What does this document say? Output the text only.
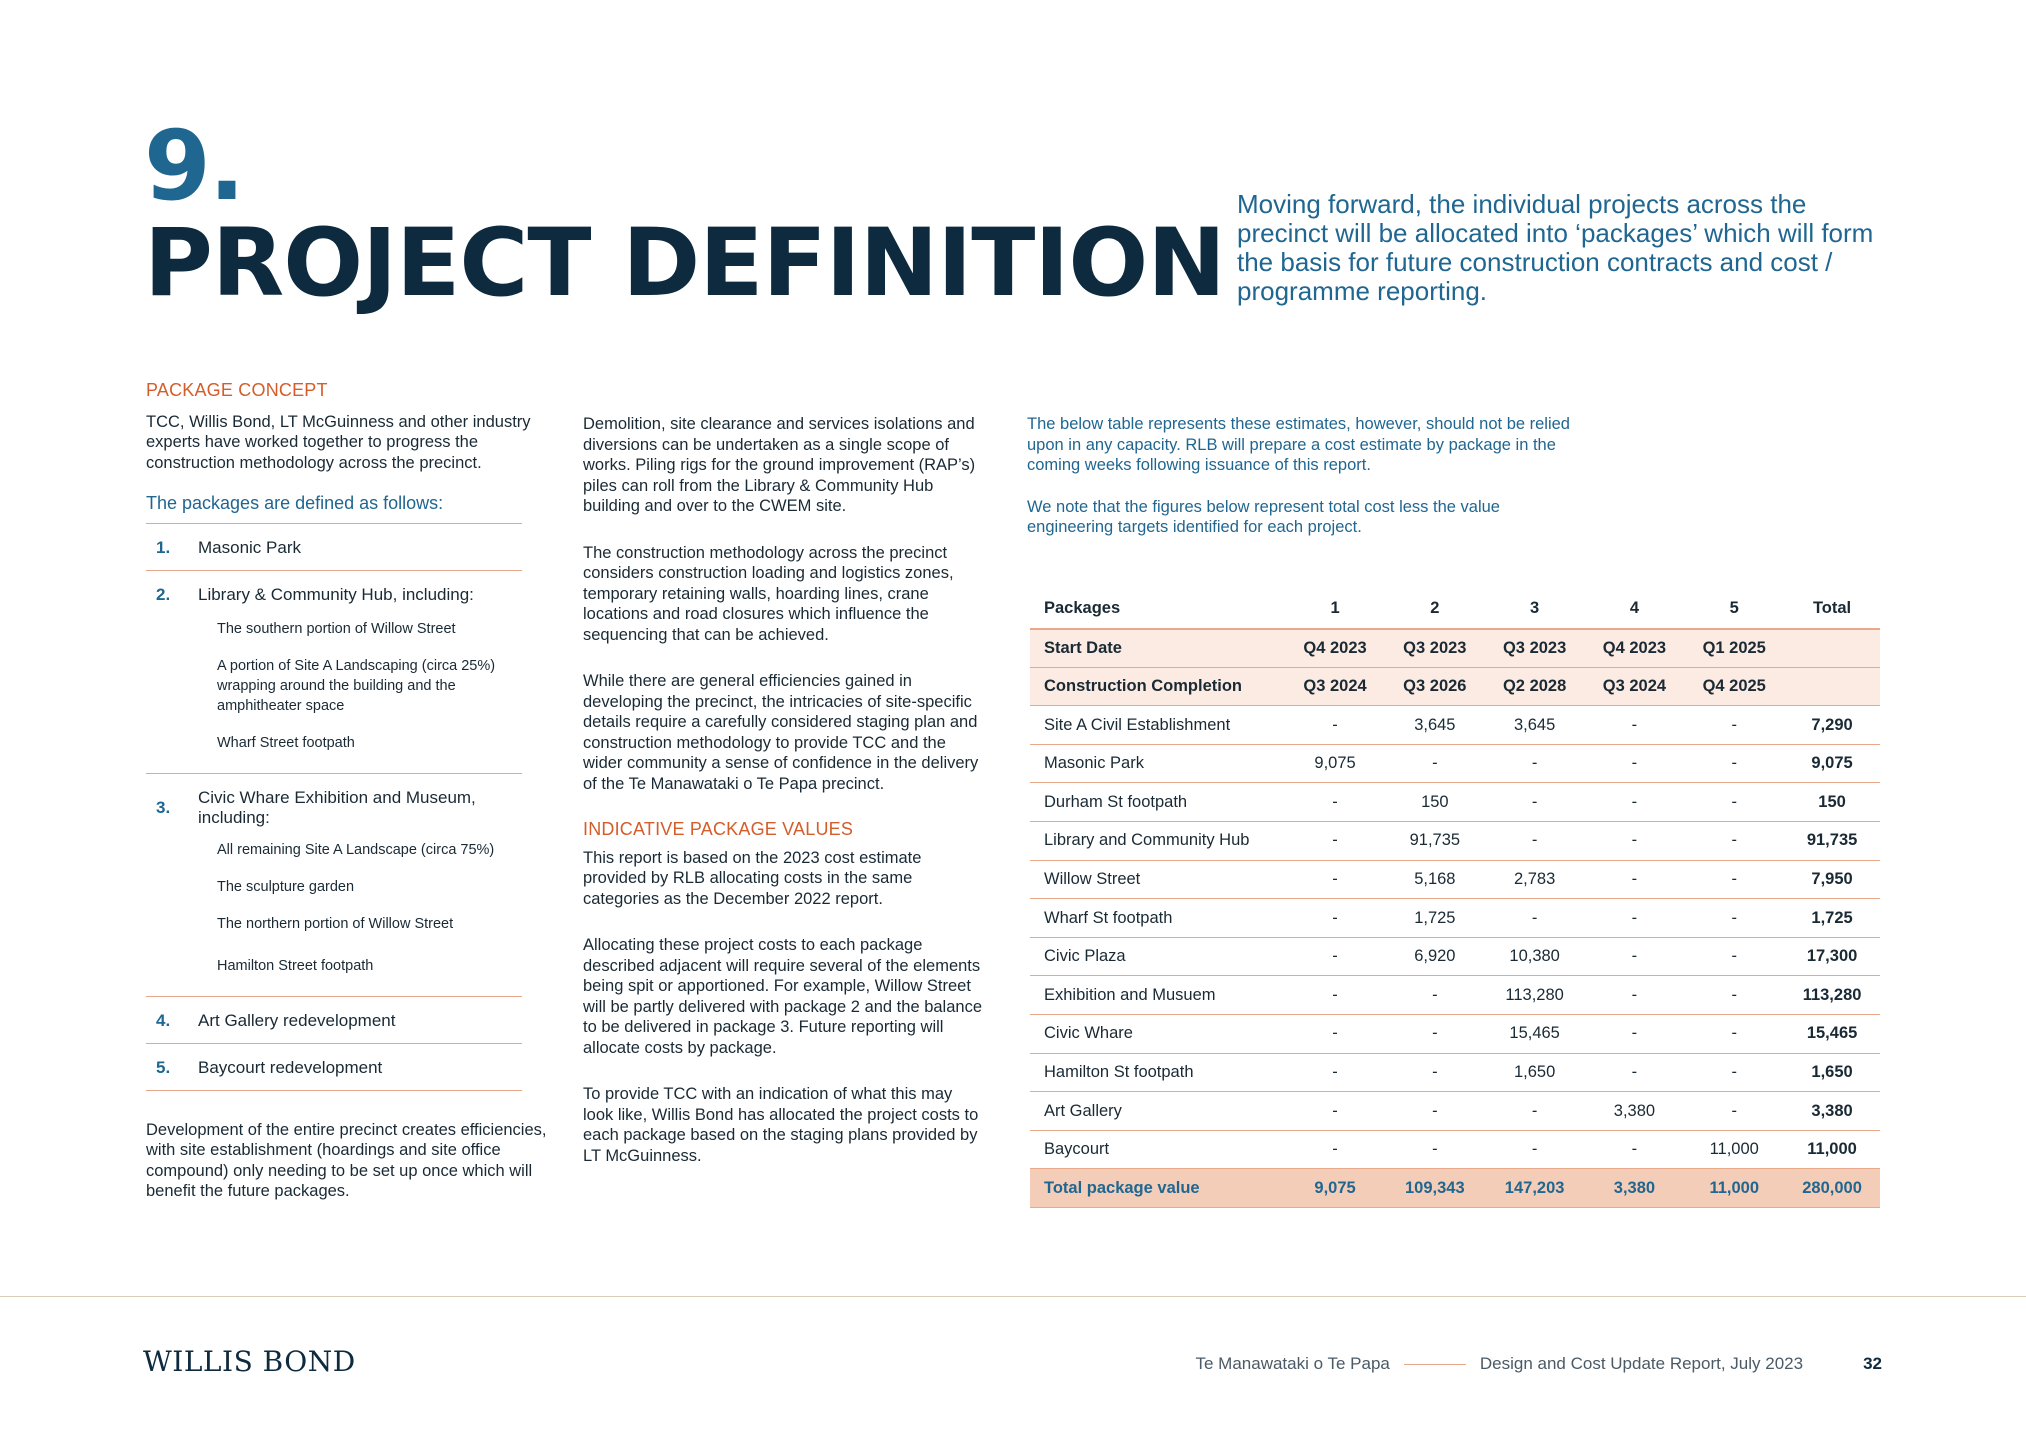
9.
PROJECT DEFINITION
Moving forward, the individual projects across the precinct will be allocated into ‘packages’ which will form the basis for future construction contracts and cost / programme reporting.
PACKAGE CONCEPT

TCC, Willis Bond, LT McGuinness and other industry experts have worked together to progress the construction methodology across the precinct.

The packages are defined as follows:
1.	Masonic Park
2.	Library & Community Hub, including:
The southern portion of Willow Street
A portion of Site A Landscaping (circa 25%) wrapping around the building and the amphitheater space
Wharf Street footpath
3.
Civic Whare Exhibition and Museum, including:
All remaining Site A Landscape (circa 75%)
The sculpture garden
The northern portion of Willow Street
Hamilton Street footpath
4.	Art Gallery redevelopment
5.	Baycourt redevelopment

Development of the entire precinct creates efficiencies, with site establishment (hoardings and site office compound) only needing to be set up once which will benefit the future packages.

Demolition, site clearance and services isolations and diversions can be undertaken as a single scope of works. Piling rigs for the ground improvement (RAP’s) piles can roll from the Library & Community Hub building and over to the CWEM site.

The construction methodology across the precinct considers construction loading and logistics zones, temporary retaining walls, hoarding lines, crane locations and road closures which influence the sequencing that can be achieved.

While there are general efficiencies gained in developing the precinct, the intricacies of site-specific details require a carefully considered staging plan and construction methodology to provide TCC and the wider community a sense of confidence in the delivery of the Te Manawataki o Te Papa precinct.

INDICATIVE PACKAGE VALUES

This report is based on the 2023 cost estimate provided by RLB allocating costs in the same categories as the December 2022 report.

Allocating these project costs to each package described adjacent will require several of the elements being spit or apportioned. For example, Willow Street will be partly delivered with package 2 and the balance to be delivered in package 3. Future reporting will allocate costs by package.

To provide TCC with an indication of what this may look like, Willis Bond has allocated the project costs to each package based on the staging plans provided by LT McGuinness.

The below table represents these estimates, however, should not be relied upon in any capacity. RLB will prepare a cost estimate by package in the coming weeks following issuance of this report.

We note that the figures below represent total cost less the value engineering targets identified for each project.

Packages	1	2	3	4	5	Total
Start Date	Q4 2023	Q3 2023	Q3 2023	Q4 2023	Q1 2025	
Construction Completion	Q3 2024	Q3 2026	Q2 2028	Q3 2024	Q4 2025	
Site A Civil Establishment	-	3,645	3,645	-	-	7,290
Masonic Park	9,075	-	-	-	-	9,075
Durham St footpath	-	150	-	-	-	150
Library and Community Hub	-	91,735	-	-	-	91,735
Willow Street	-	5,168	2,783	-	-	7,950
Wharf St footpath	-	1,725	-	-	-	1,725
Civic Plaza	-	6,920	10,380	-	-	17,300
Exhibition and Musuem	-	-	113,280	-	-	113,280
Civic Whare	-	-	15,465	-	-	15,465
Hamilton St footpath	-	-	1,650	-	-	1,650
Art Gallery	-	-	-	3,380	-	3,380
Baycourt	-	-	-	-	11,000	11,000
Total package value	9,075	109,343	147,203	3,380	11,000	280,000
WILLIS BOND	Te Manawataki o Te Papa	Design and Cost Update Report, July 2023	32
